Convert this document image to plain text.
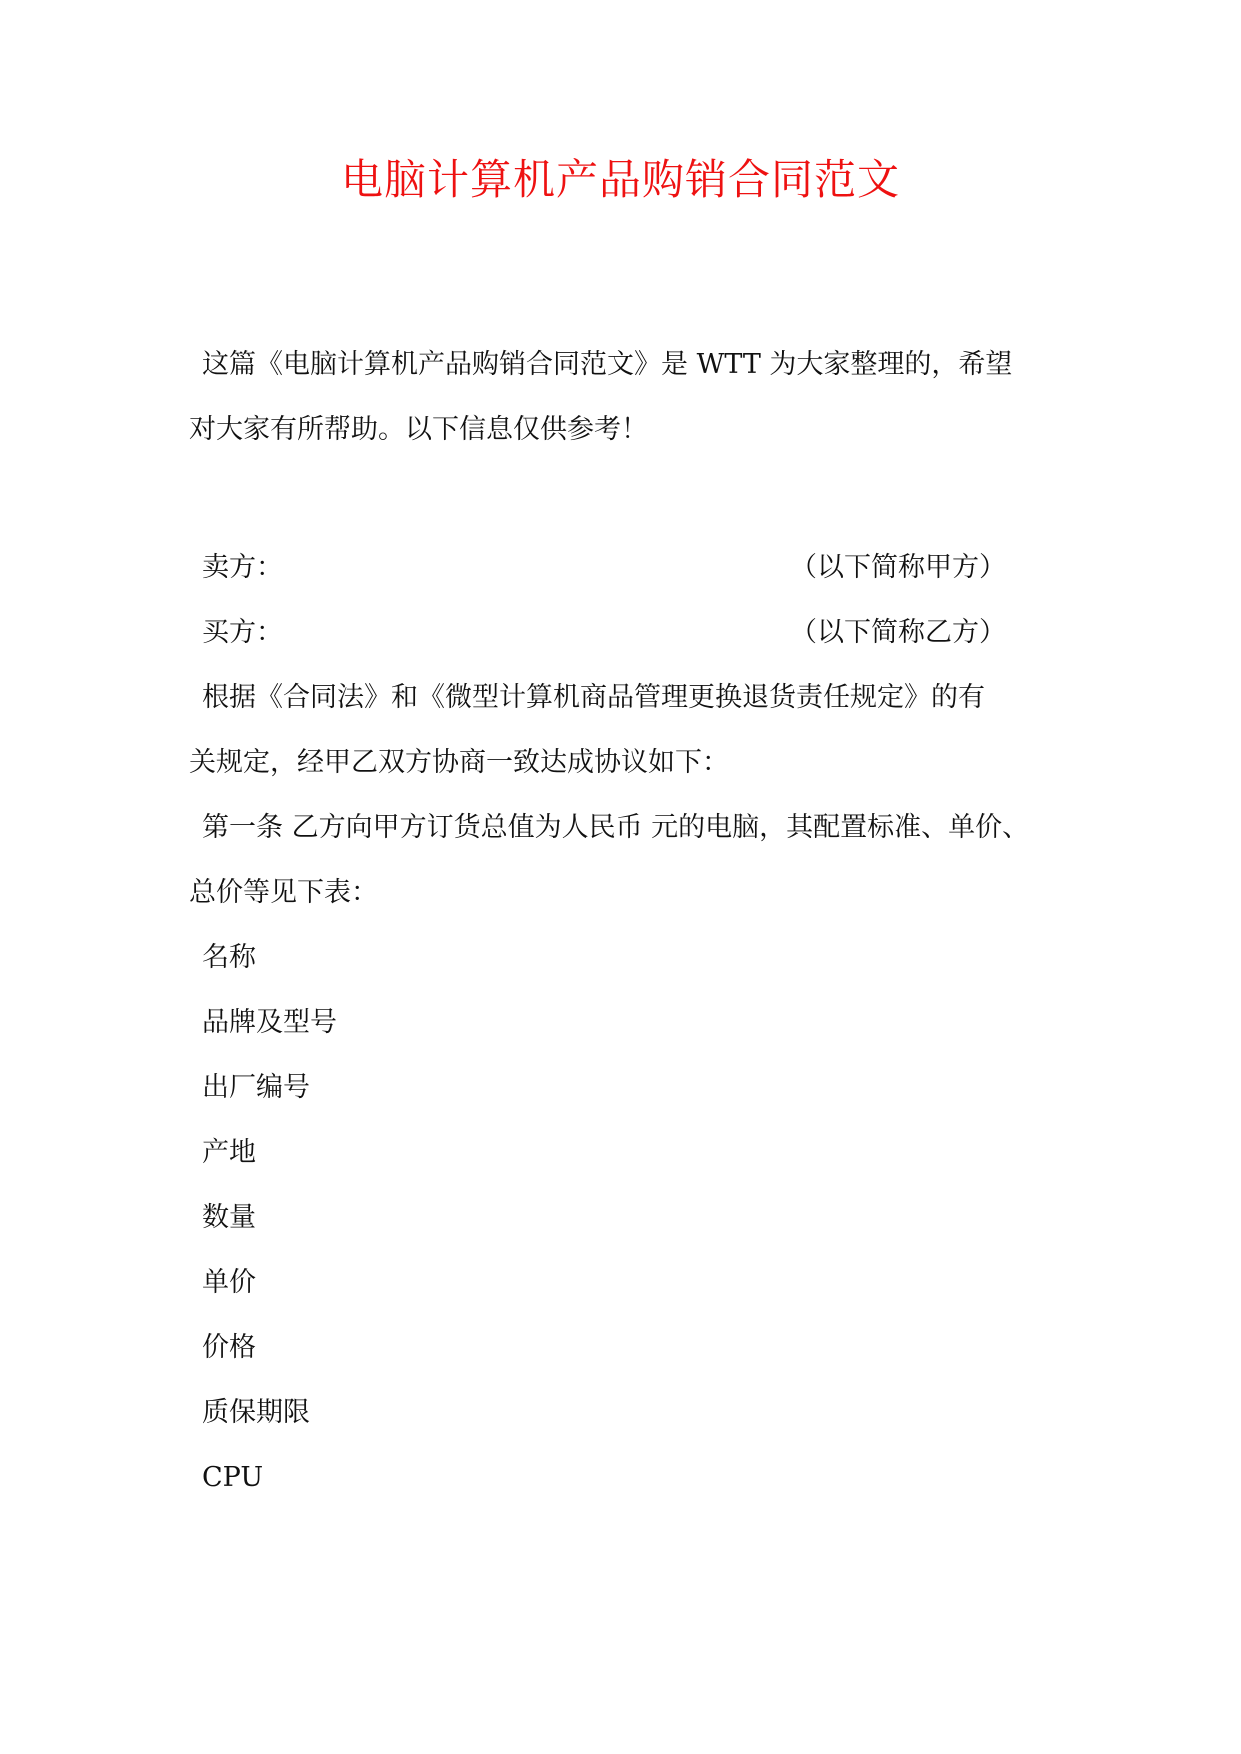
电脑计算机产品购销合同范文

这篇《电脑计算机产品购销合同范文》是 WTT 为大家整理的，希望

对大家有所帮助。以下信息仅供参考！

卖方：	（以下简称甲方）

买方：	（以下简称乙方）

根据《合同法》和《微型计算机商品管理更换退货责任规定》的有

关规定，经甲乙双方协商一致达成协议如下：

第一条 乙方向甲方订货总值为人民币 元的电脑，其配置标准、单价、

总价等见下表：

名称

品牌及型号

出厂编号

产地

数量

单价

价格

质保期限

CPU
